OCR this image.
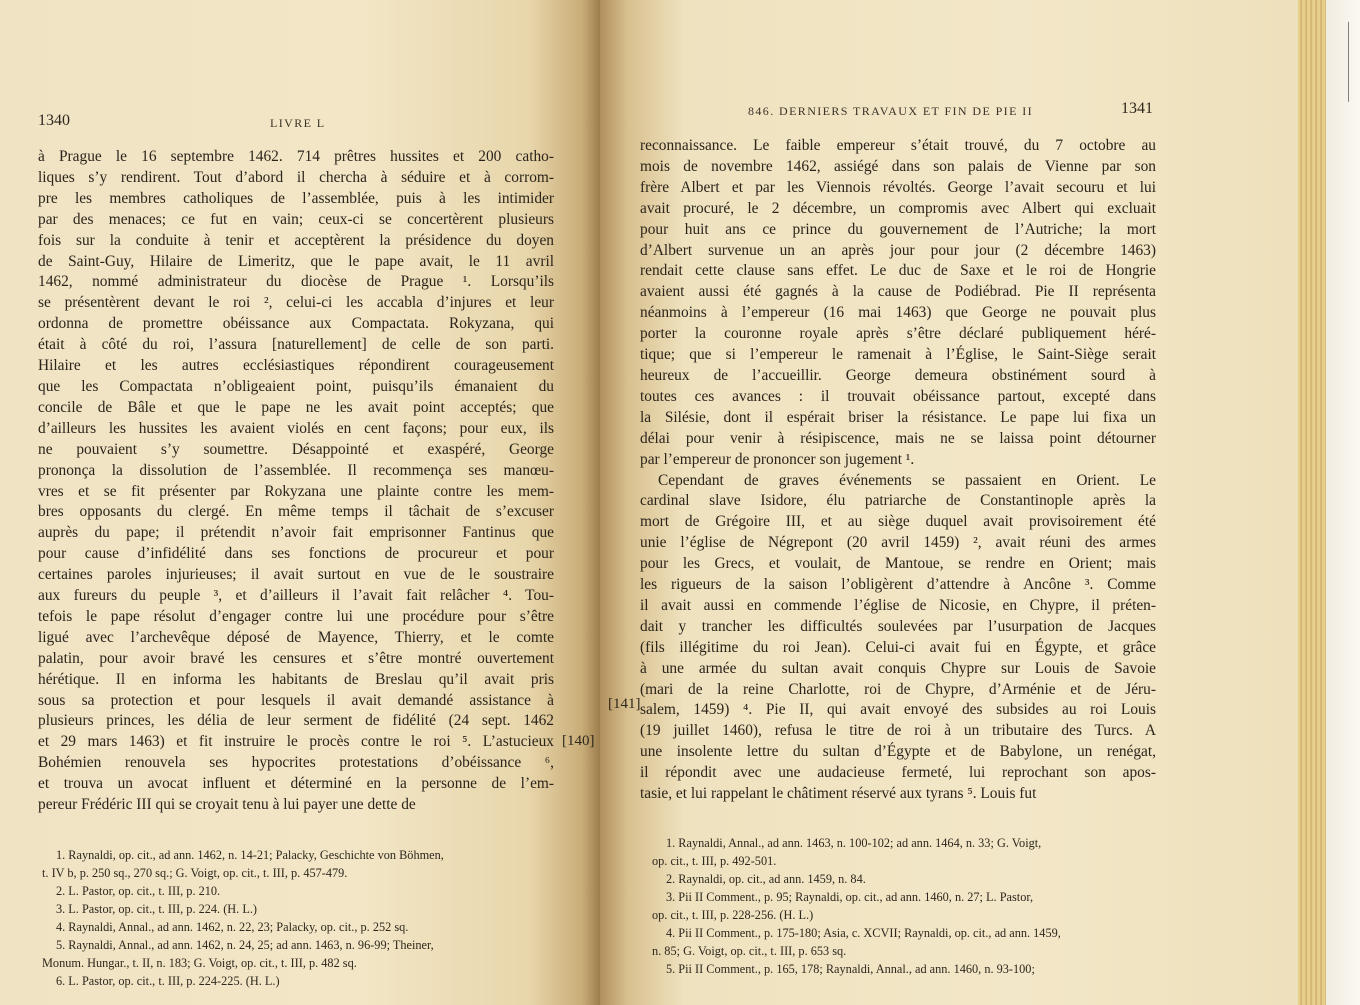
1340	LIVRE L
à Prague le 16 septembre 1462. 714 prêtres hussites et 200 catho-
liques s’y rendirent. Tout d’abord il chercha à séduire et à corrom-
pre les membres catholiques de l’assemblée, puis à les intimider
par des menaces; ce fut en vain; ceux-ci se concertèrent plusieurs
fois sur la conduite à tenir et acceptèrent la présidence du doyen
de Saint-Guy, Hilaire de Limeritz, que le pape avait, le 11 avril
1462, nommé administrateur du diocèse de Prague ¹. Lorsqu’ils
se présentèrent devant le roi ², celui-ci les accabla d’injures et leur
ordonna de promettre obéissance aux Compactata. Rokyzana, qui
était à côté du roi, l’assura [naturellement] de celle de son parti.
Hilaire et les autres ecclésiastiques répondirent courageusement
que les Compactata n’obligeaient point, puisqu’ils émanaient du
concile de Bâle et que le pape ne les avait point acceptés; que
d’ailleurs les hussites les avaient violés en cent façons; pour eux, ils
ne pouvaient s’y soumettre. Désappointé et exaspéré, George
prononça la dissolution de l’assemblée. Il recommença ses manœu-
vres et se fit présenter par Rokyzana une plainte contre les mem-
bres opposants du clergé. En même temps il tâchait de s’excuser
auprès du pape; il prétendit n’avoir fait emprisonner Fantinus que
pour cause d’infidélité dans ses fonctions de procureur et pour
certaines paroles injurieuses; il avait surtout en vue de le soustraire
aux fureurs du peuple ³, et d’ailleurs il l’avait fait relâcher ⁴. Tou-
tefois le pape résolut d’engager contre lui une procédure pour s’être
ligué avec l’archevêque déposé de Mayence, Thierry, et le comte
palatin, pour avoir bravé les censures et s’être montré ouvertement
hérétique. Il en informa les habitants de Breslau qu’il avait pris
sous sa protection et pour lesquels il avait demandé assistance à
plusieurs princes, les délia de leur serment de fidélité (24 sept. 1462
et 29 mars 1463) et fit instruire le procès contre le roi ⁵. L’astucieux
Bohémien renouvela ses hypocrites protestations d’obéissance ⁶,
et trouva un avocat influent et déterminé en la personne de l’em-
pereur Frédéric III qui se croyait tenu à lui payer une dette de
1. Raynaldi, op. cit., ad ann. 1462, n. 14-21; Palacky, Geschichte von Böhmen,
t. IV b, p. 250 sq., 270 sq.; G. Voigt, op. cit., t. III, p. 457-479.
2. L. Pastor, op. cit., t. III, p. 210.
3. L. Pastor, op. cit., t. III, p. 224. (H. L.)
4. Raynaldi, Annal., ad ann. 1462, n. 22, 23; Palacky, op. cit., p. 252 sq.
5. Raynaldi, Annal., ad ann. 1462, n. 24, 25; ad ann. 1463, n. 96-99; Theiner,
Monum. Hungar., t. II, n. 183; G. Voigt, op. cit., t. III, p. 482 sq.
6. L. Pastor, op. cit., t. III, p. 224-225. (H. L.)
[140]
846. DERNIERS TRAVAUX ET FIN DE PIE II	1341
reconnaissance. Le faible empereur s’était trouvé, du 7 octobre au
mois de novembre 1462, assiégé dans son palais de Vienne par son
frère Albert et par les Viennois révoltés. George l’avait secouru et lui
avait procuré, le 2 décembre, un compromis avec Albert qui excluait
pour huit ans ce prince du gouvernement de l’Autriche; la mort
d’Albert survenue un an après jour pour jour (2 décembre 1463)
rendait cette clause sans effet. Le duc de Saxe et le roi de Hongrie
avaient aussi été gagnés à la cause de Podiébrad. Pie II représenta
néanmoins à l’empereur (16 mai 1463) que George ne pouvait plus
porter la couronne royale après s’être déclaré publiquement héré-
tique; que si l’empereur le ramenait à l’Église, le Saint-Siège serait
heureux de l’accueillir. George demeura obstinément sourd à
toutes ces avances : il trouvait obéissance partout, excepté dans
la Silésie, dont il espérait briser la résistance. Le pape lui fixa un
délai pour venir à résipiscence, mais ne se laissa point détourner
par l’empereur de prononcer son jugement ¹.
Cependant de graves événements se passaient en Orient. Le
cardinal slave Isidore, élu patriarche de Constantinople après la
mort de Grégoire III, et au siège duquel avait provisoirement été
unie l’église de Négrepont (20 avril 1459) ², avait réuni des armes
pour les Grecs, et voulait, de Mantoue, se rendre en Orient; mais
les rigueurs de la saison l’obligèrent d’attendre à Ancône ³. Comme
il avait aussi en commende l’église de Nicosie, en Chypre, il préten-
dait y trancher les difficultés soulevées par l’usurpation de Jacques
(fils illégitime du roi Jean). Celui-ci avait fui en Égypte, et grâce
à une armée du sultan avait conquis Chypre sur Louis de Savoie
(mari de la reine Charlotte, roi de Chypre, d’Arménie et de Jéru-
salem, 1459) ⁴. Pie II, qui avait envoyé des subsides au roi Louis
(19 juillet 1460), refusa le titre de roi à un tributaire des Turcs. A
une insolente lettre du sultan d’Égypte et de Babylone, un renégat,
il répondit avec une audacieuse fermeté, lui reprochant son apos-
tasie, et lui rappelant le châtiment réservé aux tyrans ⁵. Louis fut
1. Raynaldi, Annal., ad ann. 1463, n. 100-102; ad ann. 1464, n. 33; G. Voigt,
op. cit., t. III, p. 492-501.
2. Raynaldi, op. cit., ad ann. 1459, n. 84.
3. Pii II Comment., p. 95; Raynaldi, op. cit., ad ann. 1460, n. 27; L. Pastor,
op. cit., t. III, p. 228-256. (H. L.)
4. Pii II Comment., p. 175-180; Asia, c. XCVII; Raynaldi, op. cit., ad ann. 1459,
n. 85; G. Voigt, op. cit., t. III, p. 653 sq.
5. Pii II Comment., p. 165, 178; Raynaldi, Annal., ad ann. 1460, n. 93-100;
[141]
